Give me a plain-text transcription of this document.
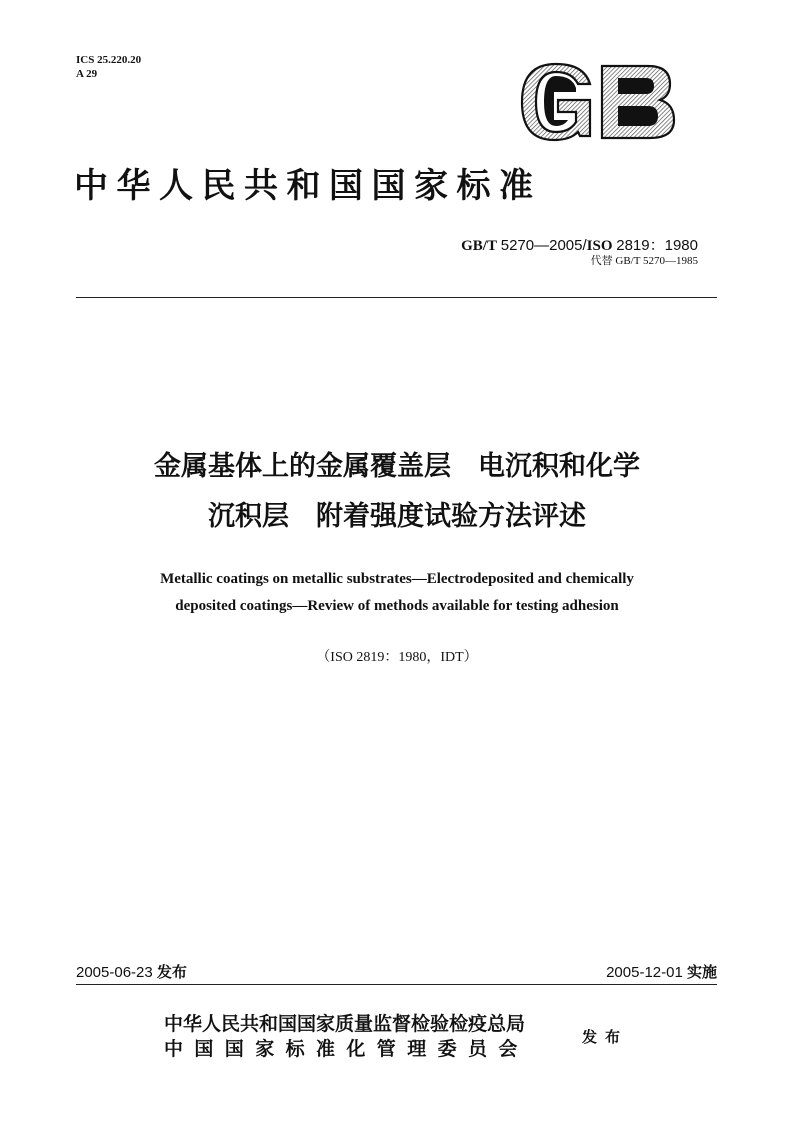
ICS 25.220.20
A 29
GB
中华人民共和国国家标准
GB/T 5270—2005/ISO 2819：1980
代替 GB/T 5270—1985
金属基体上的金属覆盖层　电沉积和化学
沉积层　附着强度试验方法评述
Metallic coatings on metallic substrates—Electrodeposited and chemically
deposited coatings—Review of methods available for testing adhesion
（ISO 2819：1980，IDT）
2005-06-23 发布	2005-12-01 实施
中华人民共和国国家质量监督检验检疫总局
中国国家标准化管理委员会
发布
